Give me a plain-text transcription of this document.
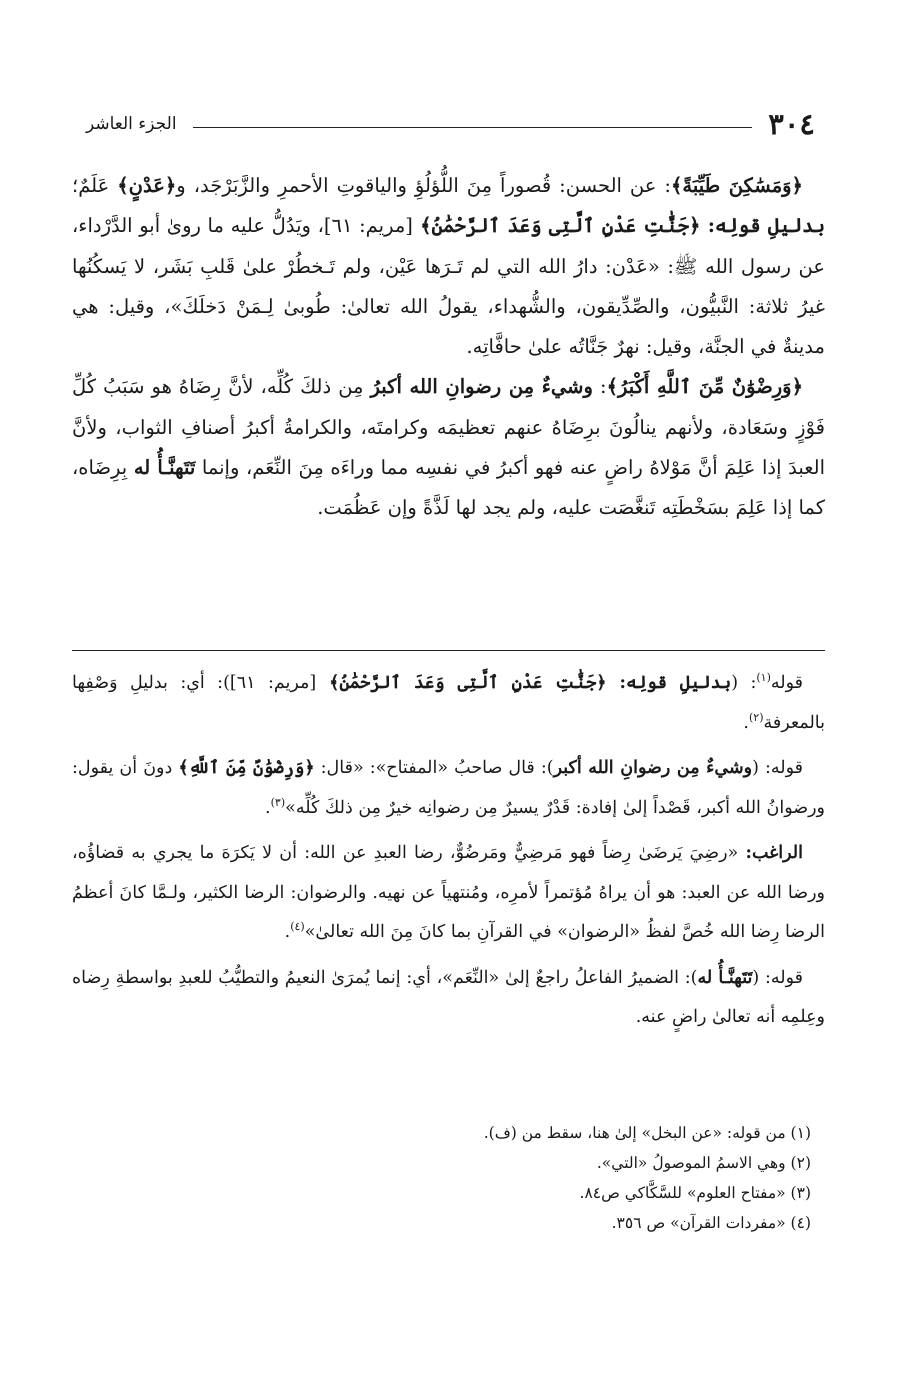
٣٠٤
الجزء العاشر

﴿وَمَسَٰكِنَ طَيِّبَةً﴾: عن الحسن: قُصوراً مِنَ اللُّؤلُؤِ والياقوتِ الأحمرِ والزَّبَرْجَد، و﴿عَدْنٍ﴾ عَلَمٌ؛ بدليلِ قولِه: ﴿جَنَّٰتِ عَدْنٍ ٱلَّتِى وَعَدَ ٱلرَّحْمَٰنُ﴾ [مريم: ٦١]، ويَدُلُّ عليه ما روىٰ أبو الدَّرْداء، عن رسول الله ﷺ: «عَدْن: دارُ الله التي لم تَـرَها عَيْن، ولم تَـخطُرْ علىٰ قَلبِ بَشَر، لا يَسكُنُها غيرُ ثلاثة: النَّبيُّون، والصِّدِّيقون، والشُّهداء، يقولُ الله تعالىٰ: طُوبىٰ لِـمَنْ دَخلَكَ»، وقيل: هي مدينةٌ في الجنَّة، وقيل: نهرٌ جَنَّاتُه علىٰ حافَّاتِه.

﴿وَرِضْوَٰنٌ مِّنَ ٱللَّهِ أَكْبَرُ﴾: وشيءٌ مِن رضوانِ الله أكبرُ مِن ذلكَ كُلِّه، لأنَّ رِضَاهُ هو سَبَبُ كُلِّ فَوْزٍ وسَعَادة، ولأنهم ينالُونَ برِضَاهُ عنهم تعظيمَه وكرامتَه، والكرامةُ أكبرُ أصنافِ الثواب، ولأنَّ العبدَ إذا عَلِمَ أنَّ مَوْلاهُ راضٍ عنه فهو أكبرُ في نفسِه مما وراءَه مِنَ النِّعَم، وإنما تَتَهنَّـأُ له بِرِضَاه، كما إذا عَلِمَ بسَخْطَتِه تَنغَّصَت عليه، ولم يجد لها لَذَّةً وإن عَظُمَت.

قوله$^{(١)}$: (بدليلِ قولِه: ﴿جَنَّٰتِ عَدْنٍ ٱلَّتِى وَعَدَ ٱلرَّحْمَٰنُ﴾ [مريم: ٦١]): أي: بدليلِ وَصْفِها بالمعرفة$^{(٢)}$.

قوله: (وشيءٌ مِن رضوانِ الله أكبر): قال صاحبُ «المفتاح»: «قال: ﴿وَرِضْوَٰنٌ مِّنَ ٱللَّهِ﴾ دونَ أن يقول: ورضوانُ الله أكبر، قَصْداً إلىٰ إفادة: قَدْرٌ يسيرٌ مِن رضوانِه خيرٌ مِن ذلكَ كُلِّه»$^{(٣)}$.

الراغب: «رضِيَ يَرضَىٰ رِضاً فهو مَرضِيٌّ ومَرضُوٌّ، رضا العبدِ عن الله: أن لا يَكرَهَ ما يجري به قضاؤُه، ورضا الله عن العبد: هو أن يراهُ مُؤتمراً لأمرِه، ومُنتهياً عن نهيه. والرضوان: الرضا الكثير، ولـمَّا كانَ أعظمُ الرضا رِضا الله خُصَّ لفظُ «الرضوان» في القرآنِ بما كانَ مِنَ الله تعالىٰ»$^{(٤)}$.

قوله: (تَتَهنَّـأُ له): الضميرُ الفاعلُ راجعٌ إلىٰ «النِّعَم»، أي: إنما يُمرَىٰ النعيمُ والتطيُّبُ للعبدِ بواسطةِ رِضاه وعِلمِه أنه تعالىٰ راضٍ عنه.

(١) من قوله: «عن البخل» إلىٰ هنا، سقط من (ف).
(٢) وهي الاسمُ الموصولُ «التي».
(٣) «مفتاح العلوم» للسَّكَّاكي ص٨٤.
(٤) «مفردات القرآن» ص ٣٥٦.
